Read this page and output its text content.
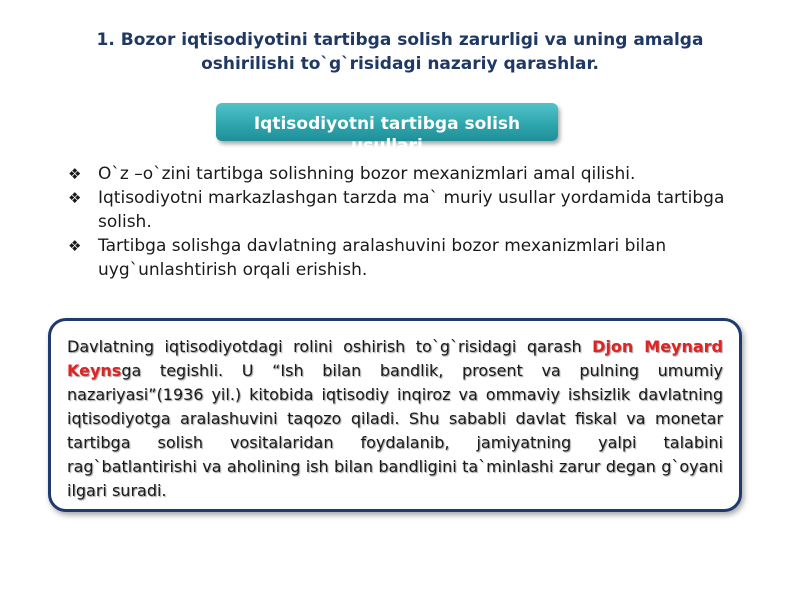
1. Bozor iqtisodiyotini tartibga solish zarurligi va uning amalga
oshirilishi to`g`risidagi nazariy qarashlar.
Iqtisodiyotni tartibga solish usullari
❖ O`z –o`zini tartibga solishning bozor mexanizmlari amal qilishi.
❖ Iqtisodiyotni markazlashgan tarzda ma` muriy usullar yordamida tartibga solish.
❖ Tartibga solishga davlatning aralashuvini bozor mexanizmlari bilan uyg`unlashtirish orqali erishish.

Davlatning iqtisodiyotdagi rolini oshirish to`g`risidagi qarash Djon Meynard Keynsga tegishli. U “Ish bilan bandlik, prosent va pulning umumiy nazariyasi”(1936 yil.) kitobida iqtisodiy inqiroz va ommaviy ishsizlik davlatning iqtisodiyotga aralashuvini taqozo qiladi. Shu sababli davlat fiskal va monetar tartibga solish vositalaridan foydalanib, jamiyatning yalpi talabini rag`batlantirishi va aholining ish bilan bandligini ta`minlashi zarur degan g`oyani ilgari suradi.
